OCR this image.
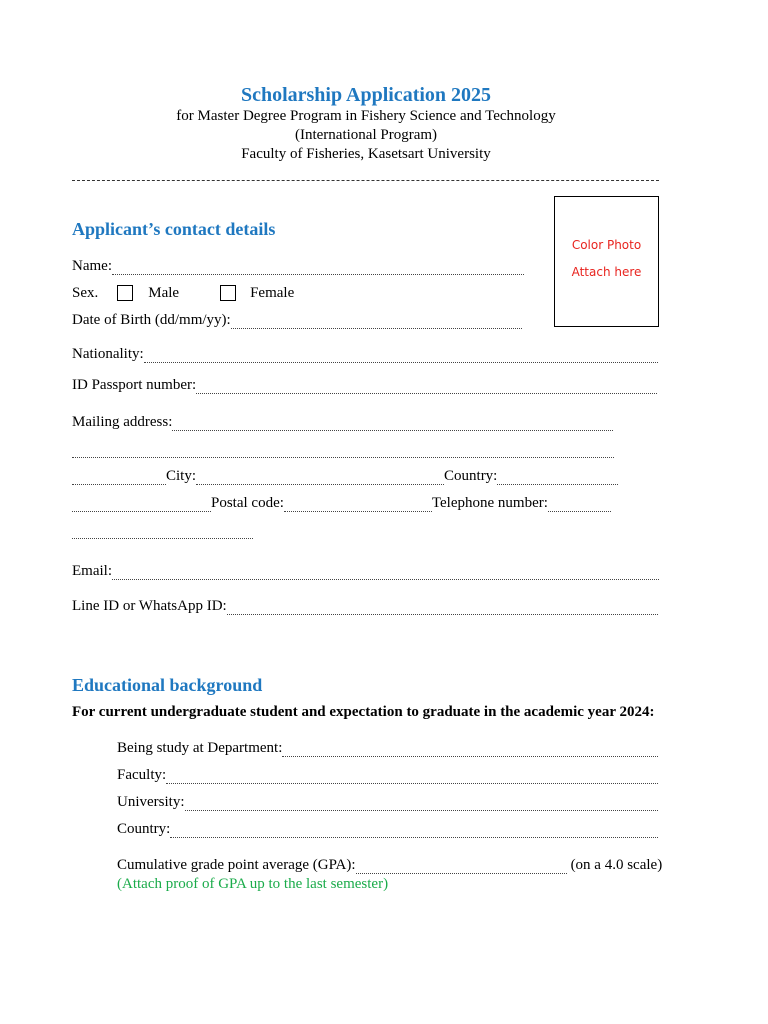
Scholarship Application 2025
for Master Degree Program in Fishery Science and Technology
(International Program)
Faculty of Fisheries, Kasetsart University
Color Photo
Attach here
Applicant’s contact details
Name:
Sex.	Male	Female
Date of Birth (dd/mm/yy):
Nationality:
ID Passport number:
Mailing address:
City:	Country:
Postal code:	Telephone number:
Email:
Line ID or WhatsApp ID:
Educational background
For current undergraduate student and expectation to graduate in the academic year 2024:
Being study at Department:
Faculty:
University:
Country:
Cumulative grade point average (GPA):	(on a 4.0 scale)
(Attach proof of GPA up to the last semester)
